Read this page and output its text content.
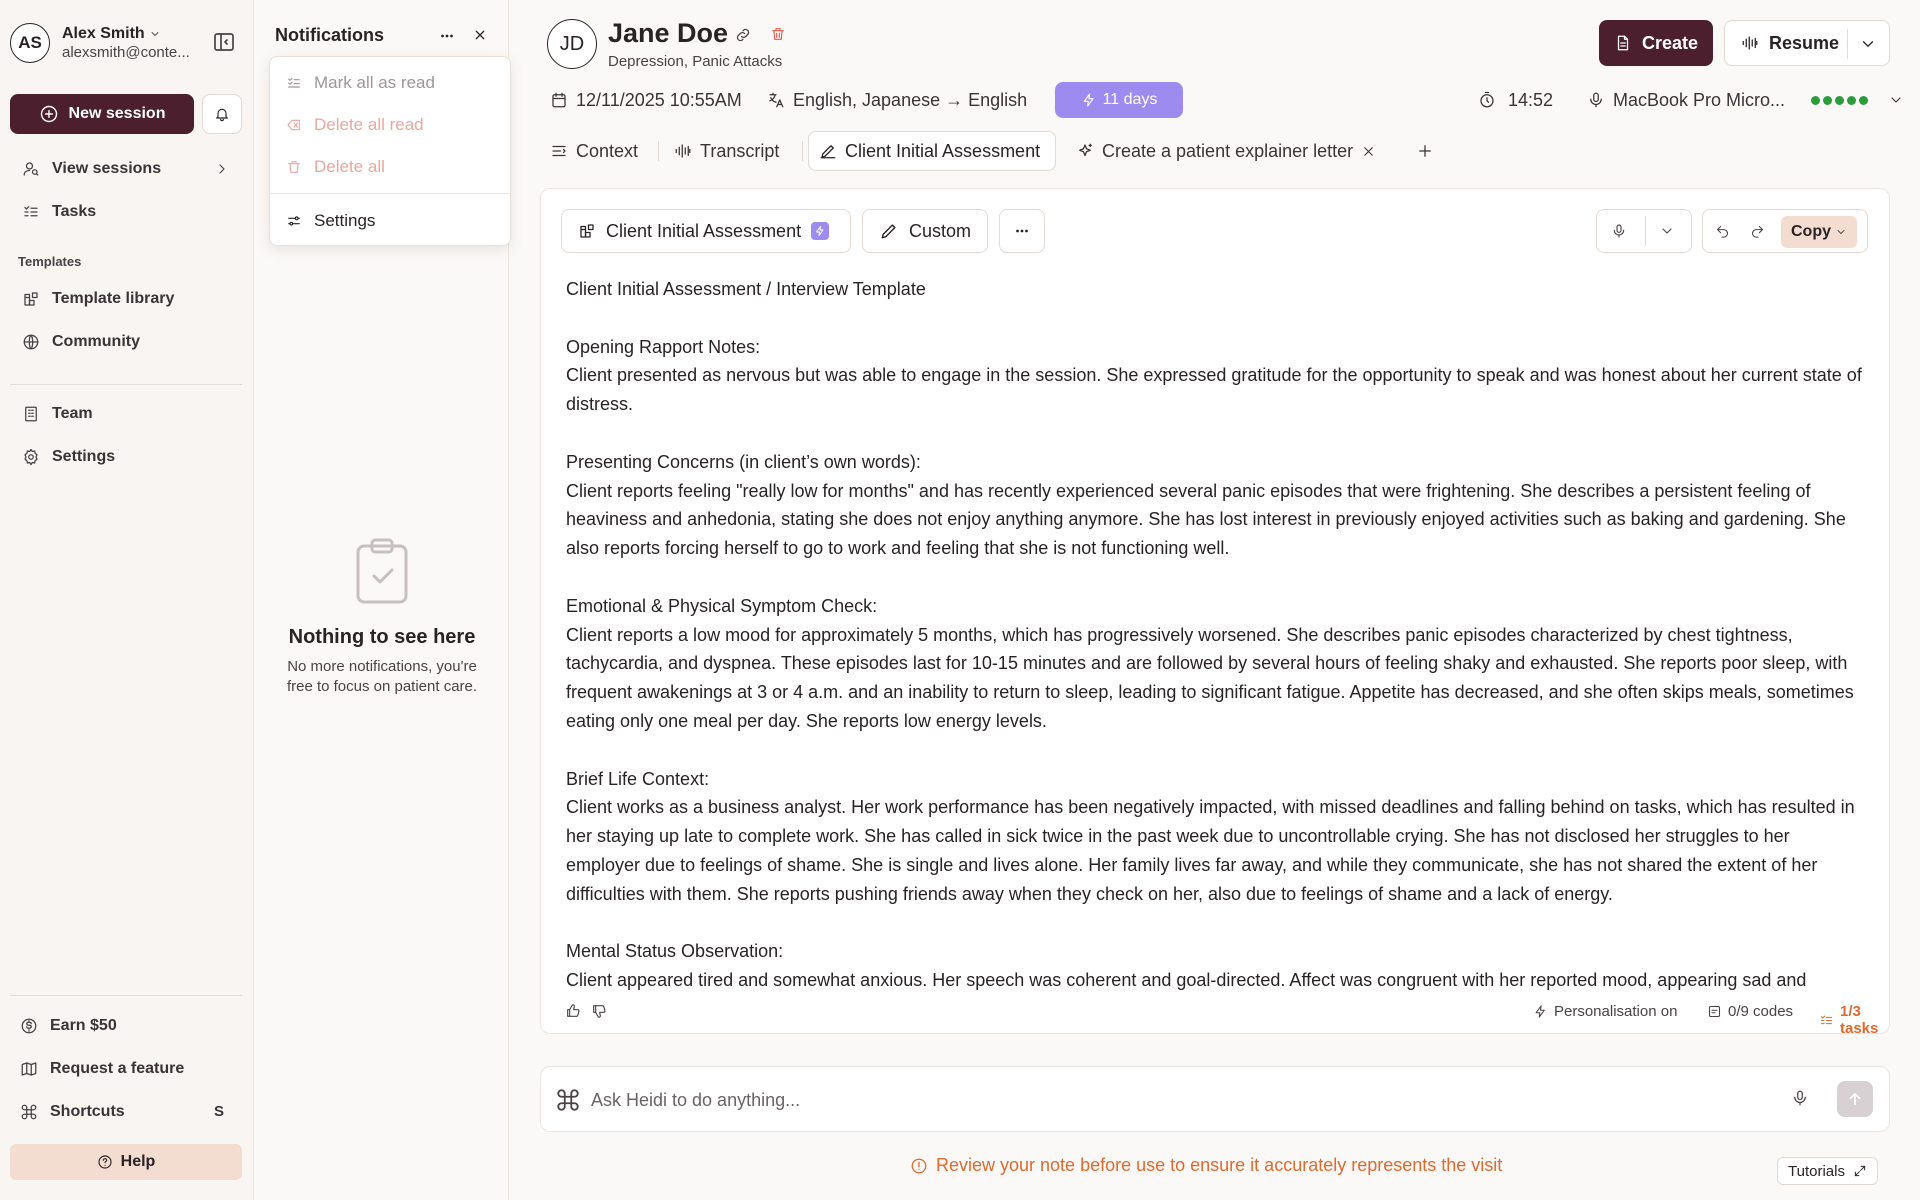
AS	Alex Smith
alexsmith@conte...
New session
View sessions
Tasks
Templates
Template library
Community
Team
Settings
Earn $50
Request a feature
Shortcuts	S
Help
Notifications
Mark all as read
Delete all read
Delete all
Settings
Nothing to see here
No more notifications, you're free to focus on patient care.
JD Jane Doe
Depression, Panic Attacks
Create	Resume
12/11/2025 10:55AM	English, Japanese → English	11 days	14:52	MacBook Pro Micro...
Context	Transcript	Client Initial Assessment	Create a patient explainer letter
Client Initial Assessment	Custom	Copy
Client Initial Assessment / Interview Template

Opening Rapport Notes:
Client presented as nervous but was able to engage in the session. She expressed gratitude for the opportunity to speak and was honest about her current state of distress.

Presenting Concerns (in client’s own words):
Client reports feeling "really low for months" and has recently experienced several panic episodes that were frightening. She describes a persistent feeling of heaviness and anhedonia, stating she does not enjoy anything anymore. She has lost interest in previously enjoyed activities such as baking and gardening. She also reports forcing herself to go to work and feeling that she is not functioning well.

Emotional & Physical Symptom Check:
Client reports a low mood for approximately 5 months, which has progressively worsened. She describes panic episodes characterized by chest tightness, tachycardia, and dyspnea. These episodes last for 10-15 minutes and are followed by several hours of feeling shaky and exhausted. She reports poor sleep, with frequent awakenings at 3 or 4 a.m. and an inability to return to sleep, leading to significant fatigue. Appetite has decreased, and she often skips meals, sometimes eating only one meal per day. She reports low energy levels.

Brief Life Context:
Client works as a business analyst. Her work performance has been negatively impacted, with missed deadlines and falling behind on tasks, which has resulted in her staying up late to complete work. She has called in sick twice in the past week due to uncontrollable crying. She has not disclosed her struggles to her employer due to feelings of shame. She is single and lives alone. Her family lives far away, and while they communicate, she has not shared the extent of her difficulties with them. She reports pushing friends away when they check on her, also due to feelings of shame and a lack of energy.

Mental Status Observation:
Client appeared tired and somewhat anxious. Her speech was coherent and goal-directed. Affect was congruent with her reported mood, appearing sad and
Personalisation on	0/9 codes	1/3 tasks
Ask Heidi to do anything...
Review your note before use to ensure it accurately represents the visit	Tutorials
